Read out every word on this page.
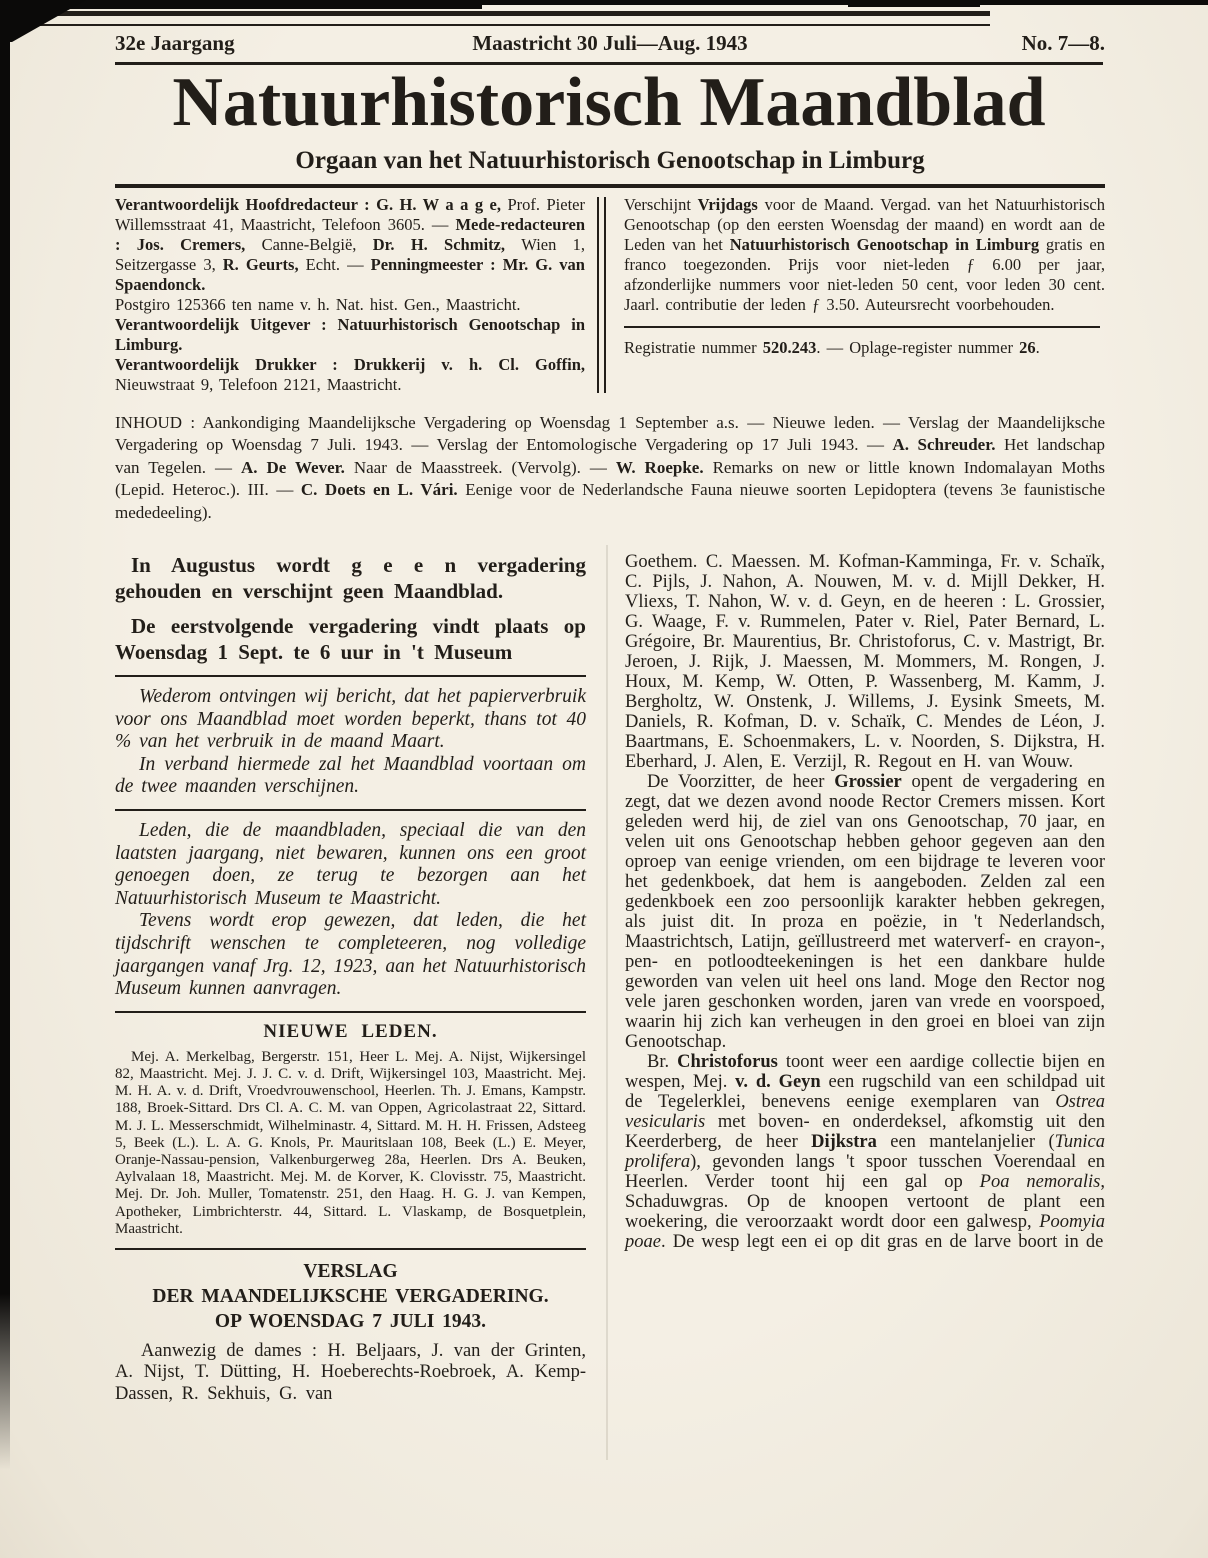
32e Jaargang	Maastricht 30 Juli—Aug. 1943	No. 7—8.
Natuurhistorisch Maandblad
Orgaan van het Natuurhistorisch Genootschap in Limburg

Verantwoordelijk Hoofdredacteur : G. H. W a a g e, Prof. Pieter Willemsstraat 41, Maastricht, Telefoon 3605. — Mede-redacteuren : Jos. Cremers, Canne-België, Dr. H. Schmitz, Wien 1, Seitzergasse 3, R. Geurts, Echt. — Penningmeester : Mr. G. van Spaendonck.

Postgiro 125366 ten name v. h. Nat. hist. Gen., Maastricht.

Verantwoordelijk Uitgever : Natuurhistorisch Genootschap in Limburg.

Verantwoordelijk Drukker : Drukkerij v. h. Cl. Goffin, Nieuwstraat 9, Telefoon 2121, Maastricht.

Verschijnt Vrijdags voor de Maand. Vergad. van het Natuurhistorisch Genootschap (op den eersten Woensdag der maand) en wordt aan de Leden van het Natuurhistorisch Genootschap in Limburg gratis en franco toegezonden. Prijs voor niet-leden ƒ 6.00 per jaar, afzonderlijke nummers voor niet-leden 50 cent, voor leden 30 cent. Jaarl. contributie der leden ƒ 3.50. Auteursrecht voorbehouden.

Registratie nummer 520.243. — Oplage-register nummer 26.

INHOUD : Aankondiging Maandelijksche Vergadering op Woensdag 1 September a.s. — Nieuwe leden. — Verslag der Maandelijksche Vergadering op Woensdag 7 Juli. 1943. — Verslag der Entomologische Vergadering op 17 Juli 1943. — A. Schreuder. Het landschap van Tegelen. — A. De Wever. Naar de Maasstreek. (Vervolg). — W. Roepke. Remarks on new or little known Indomalayan Moths (Lepid. Heteroc.). III. — C. Doets en L. Vári. Eenige voor de Nederlandsche Fauna nieuwe soorten Lepidoptera (tevens 3e faunistische mededeeling).

In Augustus wordt g e e n vergadering gehouden en verschijnt geen Maandblad.

De eerstvolgende vergadering vindt plaats op Woensdag 1 Sept. te 6 uur in 't Museum

Wederom ontvingen wij bericht, dat het papierverbruik voor ons Maandblad moet worden beperkt, thans tot 40 % van het verbruik in de maand Maart.

In verband hiermede zal het Maandblad voortaan om de twee maanden verschijnen.

Leden, die de maandbladen, speciaal die van den laatsten jaargang, niet bewaren, kunnen ons een groot genoegen doen, ze terug te bezorgen aan het Natuurhistorisch Museum te Maastricht.

Tevens wordt erop gewezen, dat leden, die het tijdschrift wenschen te completeeren, nog volledige jaargangen vanaf Jrg. 12, 1923, aan het Natuurhistorisch Museum kunnen aanvragen.

NIEUWE LEDEN.

Mej. A. Merkelbag, Bergerstr. 151, Heer L. Mej. A. Nijst, Wijkersingel 82, Maastricht. Mej. J. J. C. v. d. Drift, Wijkersingel 103, Maastricht. Mej. M. H. A. v. d. Drift, Vroedvrouwenschool, Heerlen. Th. J. Emans, Kampstr. 188, Broek-Sittard. Drs Cl. A. C. M. van Oppen, Agricolastraat 22, Sittard. M. J. L. Messerschmidt, Wilhelminastr. 4, Sittard. M. H. H. Frissen, Adsteeg 5, Beek (L.). L. A. G. Knols, Pr. Mauritslaan 108, Beek (L.) E. Meyer, Oranje-Nassau-pension, Valkenburgerweg 28a, Heerlen. Drs A. Beuken, Aylvalaan 18, Maastricht. Mej. M. de Korver, K. Clovisstr. 75, Maastricht. Mej. Dr. Joh. Muller, Tomatenstr. 251, den Haag. H. G. J. van Kempen, Apotheker, Limbrichterstr. 44, Sittard. L. Vlaskamp, de Bosquetplein, Maastricht.

VERSLAG
DER MAANDELIJKSCHE VERGADERING.
OP WOENSDAG 7 JULI 1943.

Aanwezig de dames : H. Beljaars, J. van der Grinten, A. Nijst, T. Dütting, H. Hoeberechts-Roebroek, A. Kemp-Dassen, R. Sekhuis, G. van

Goethem. C. Maessen. M. Kofman-Kamminga, Fr. v. Schaïk, C. Pijls, J. Nahon, A. Nouwen, M. v. d. Mijll Dekker, H. Vliexs, T. Nahon, W. v. d. Geyn, en de heeren : L. Grossier, G. Waage, F. v. Rummelen, Pater v. Riel, Pater Bernard, L. Grégoire, Br. Maurentius, Br. Christoforus, C. v. Mastrigt, Br. Jeroen, J. Rijk, J. Maessen, M. Mommers, M. Rongen, J. Houx, M. Kemp, W. Otten, P. Wassenberg, M. Kamm, J. Bergholtz, W. Onstenk, J. Willems, J. Eysink Smeets, M. Daniels, R. Kofman, D. v. Schaïk, C. Mendes de Léon, J. Baartmans, E. Schoenmakers, L. v. Noorden, S. Dijkstra, H. Eberhard, J. Alen, E. Verzijl, R. Regout en H. van Wouw.

De Voorzitter, de heer Grossier opent de vergadering en zegt, dat we dezen avond noode Rector Cremers missen. Kort geleden werd hij, de ziel van ons Genootschap, 70 jaar, en velen uit ons Genootschap hebben gehoor gegeven aan den oproep van eenige vrienden, om een bijdrage te leveren voor het gedenkboek, dat hem is aangeboden. Zelden zal een gedenkboek een zoo persoonlijk karakter hebben gekregen, als juist dit. In proza en poëzie, in 't Nederlandsch, Maastrichtsch, Latijn, geïllustreerd met waterverf- en crayon-, pen- en potloodteekeningen is het een dankbare hulde geworden van velen uit heel ons land. Moge den Rector nog vele jaren geschonken worden, jaren van vrede en voorspoed, waarin hij zich kan verheugen in den groei en bloei van zijn Genootschap.

Br. Christoforus toont weer een aardige collectie bijen en wespen, Mej. v. d. Geyn een rugschild van een schildpad uit de Tegelerklei, benevens eenige exemplaren van Ostrea vesicularis met boven- en onderdeksel, afkomstig uit den Keerderberg, de heer Dijkstra een mantelanjelier (Tunica prolifera), gevonden langs 't spoor tusschen Voerendaal en Heerlen. Verder toont hij een gal op Poa nemoralis, Schaduwgras. Op de knoopen vertoont de plant een woekering, die veroorzaakt wordt door een galwesp, Poomyia poae. De wesp legt een ei op dit gras en de larve boort in de
